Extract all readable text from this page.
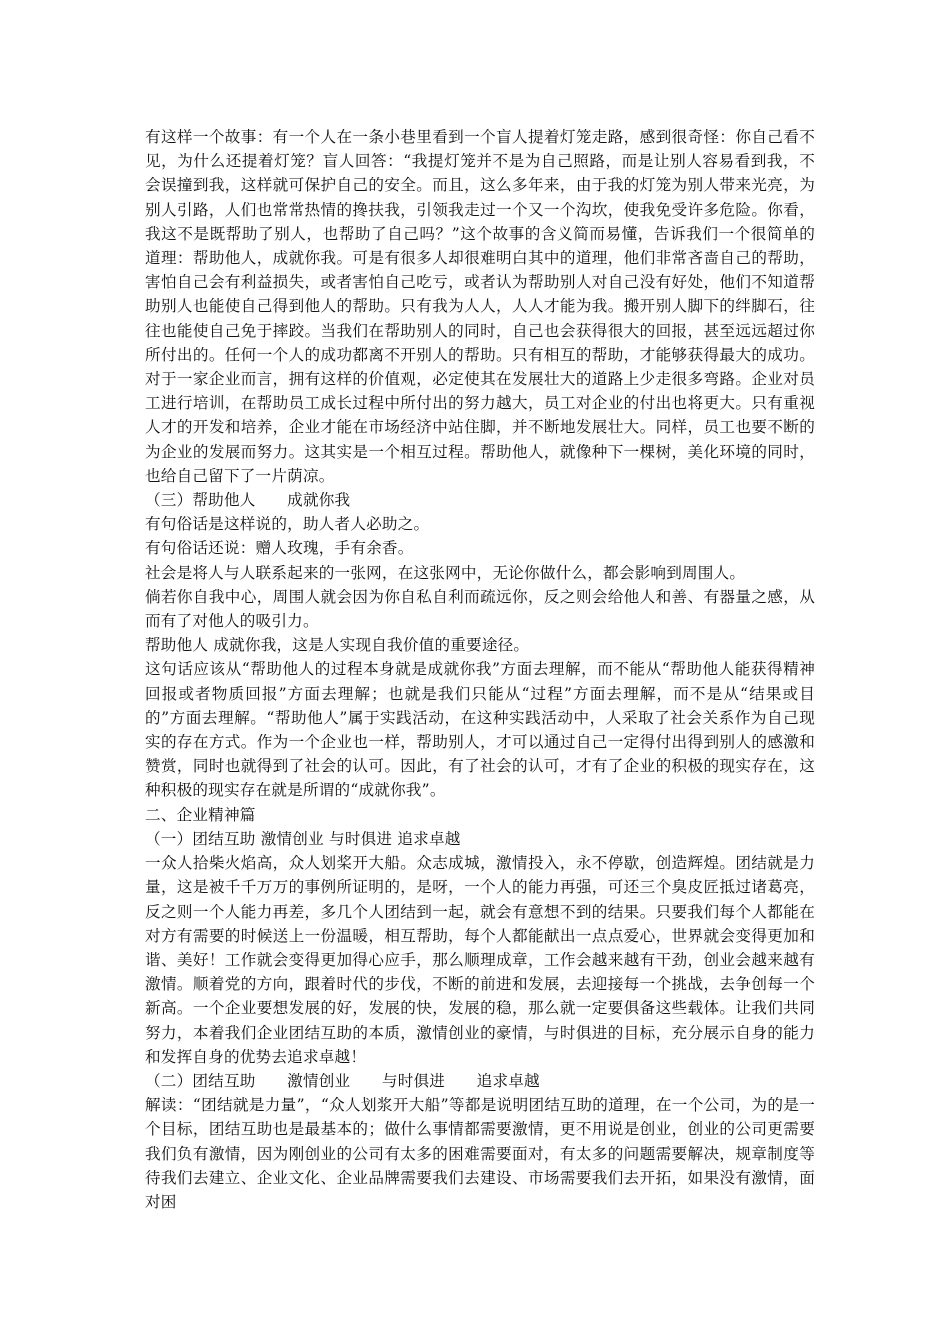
有这样一个故事：有一个人在一条小巷里看到一个盲人提着灯笼走路，感到很奇怪：你自己看不见，为什么还提着灯笼？盲人回答：“我提灯笼并不是为自己照路，而是让别人容易看到我，不会误撞到我，这样就可保护自己的安全。而且，这么多年来，由于我的灯笼为别人带来光亮，为别人引路，人们也常常热情的搀扶我，引领我走过一个又一个沟坎，使我免受许多危险。你看，我这不是既帮助了别人，也帮助了自己吗？”这个故事的含义简而易懂，告诉我们一个很简单的道理：帮助他人，成就你我。可是有很多人却很难明白其中的道理，他们非常吝啬自己的帮助，害怕自己会有利益损失，或者害怕自己吃亏，或者认为帮助别人对自己没有好处，他们不知道帮助别人也能使自己得到他人的帮助。只有我为人人，人人才能为我。搬开别人脚下的绊脚石，往往也能使自己免于摔跤。当我们在帮助别人的同时，自己也会获得很大的回报，甚至远远超过你所付出的。任何一个人的成功都离不开别人的帮助。只有相互的帮助，才能够获得最大的成功。对于一家企业而言，拥有这样的价值观，必定使其在发展壮大的道路上少走很多弯路。企业对员工进行培训，在帮助员工成长过程中所付出的努力越大，员工对企业的付出也将更大。只有重视人才的开发和培养，企业才能在市场经济中站住脚，并不断地发展壮大。同样，员工也要不断的为企业的发展而努力。这其实是一个相互过程。帮助他人，就像种下一棵树，美化环境的同时，也给自己留下了一片荫凉。

（三）帮助他人　　成就你我

有句俗话是这样说的，助人者人必助之。

有句俗话还说：赠人玫瑰，手有余香。

社会是将人与人联系起来的一张网，在这张网中，无论你做什么，都会影响到周围人。

倘若你自我中心，周围人就会因为你自私自利而疏远你，反之则会给他人和善、有器量之感，从而有了对他人的吸引力。

帮助他人 成就你我，这是人实现自我价值的重要途径。

这句话应该从“帮助他人的过程本身就是成就你我”方面去理解，而不能从“帮助他人能获得精神回报或者物质回报”方面去理解；也就是我们只能从“过程”方面去理解，而不是从“结果或目的”方面去理解。“帮助他人”属于实践活动，在这种实践活动中，人采取了社会关系作为自己现实的存在方式。作为一个企业也一样，帮助别人，才可以通过自己一定得付出得到别人的感激和赞赏，同时也就得到了社会的认可。因此，有了社会的认可，才有了企业的积极的现实存在，这种积极的现实存在就是所谓的“成就你我”。

二、企业精神篇

（一）团结互助 激情创业 与时俱进 追求卓越

一众人拾柴火焰高，众人划桨开大船。众志成城，激情投入，永不停歇，创造辉煌。团结就是力量，这是被千千万万的事例所证明的，是呀，一个人的能力再强，可还三个臭皮匠抵过诸葛亮，反之则一个人能力再差，多几个人团结到一起，就会有意想不到的结果。只要我们每个人都能在对方有需要的时候送上一份温暖，相互帮助，每个人都能献出一点点爱心，世界就会变得更加和谐、美好！工作就会变得更加得心应手，那么顺理成章，工作会越来越有干劲，创业会越来越有激情。顺着党的方向，跟着时代的步伐，不断的前进和发展，去迎接每一个挑战，去争创每一个新高。一个企业要想发展的好，发展的快，发展的稳，那么就一定要俱备这些载体。让我们共同努力，本着我们企业团结互助的本质，激情创业的豪情，与时俱进的目标，充分展示自身的能力和发挥自身的优势去追求卓越！

（二）团结互助　　激情创业　　与时俱进　　追求卓越

解读：“团结就是力量”，“众人划浆开大船”等都是说明团结互助的道理，在一个公司，为的是一个目标，团结互助也是最基本的；做什么事情都需要激情，更不用说是创业，创业的公司更需要我们负有激情，因为刚创业的公司有太多的困难需要面对，有太多的问题需要解决，规章制度等待我们去建立、企业文化、企业品牌需要我们去建设、市场需要我们去开拓，如果没有激情，面对困
